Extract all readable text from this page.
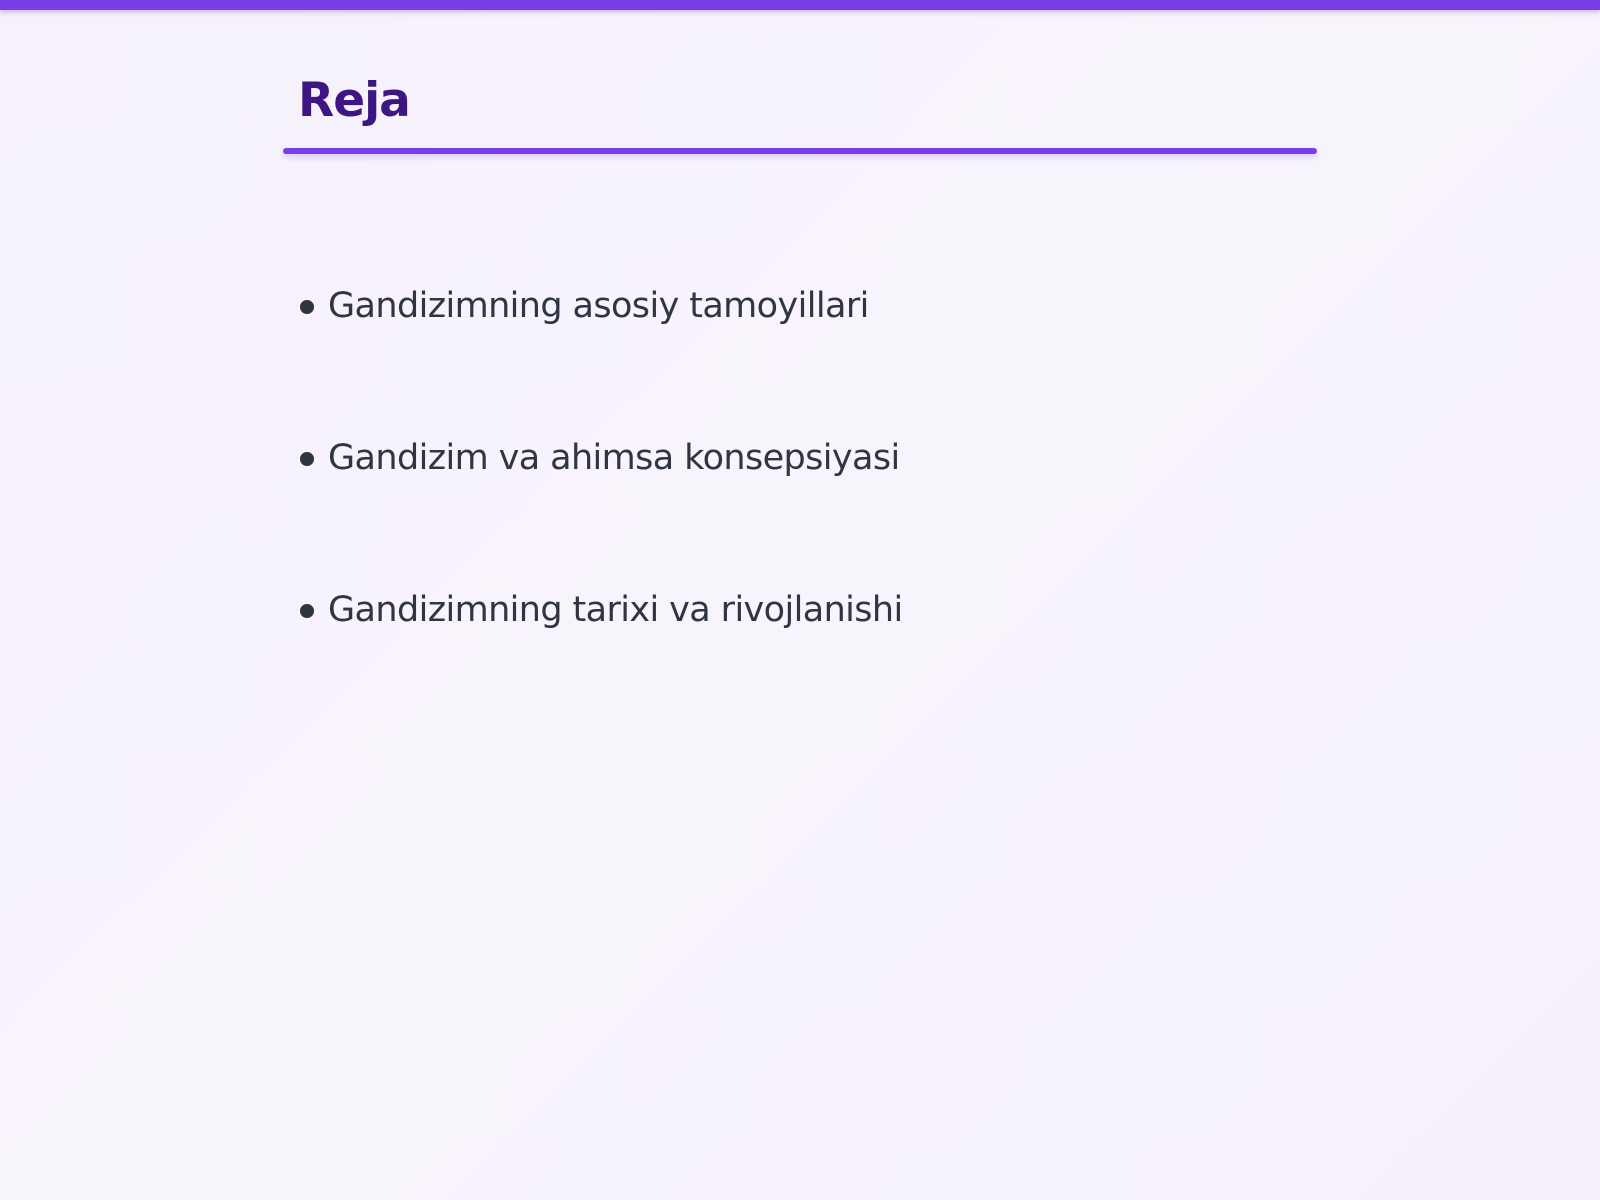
Reja
Gandizimning asosiy tamoyillari
Gandizim va ahimsa konsepsiyasi
Gandizimning tarixi va rivojlanishi
